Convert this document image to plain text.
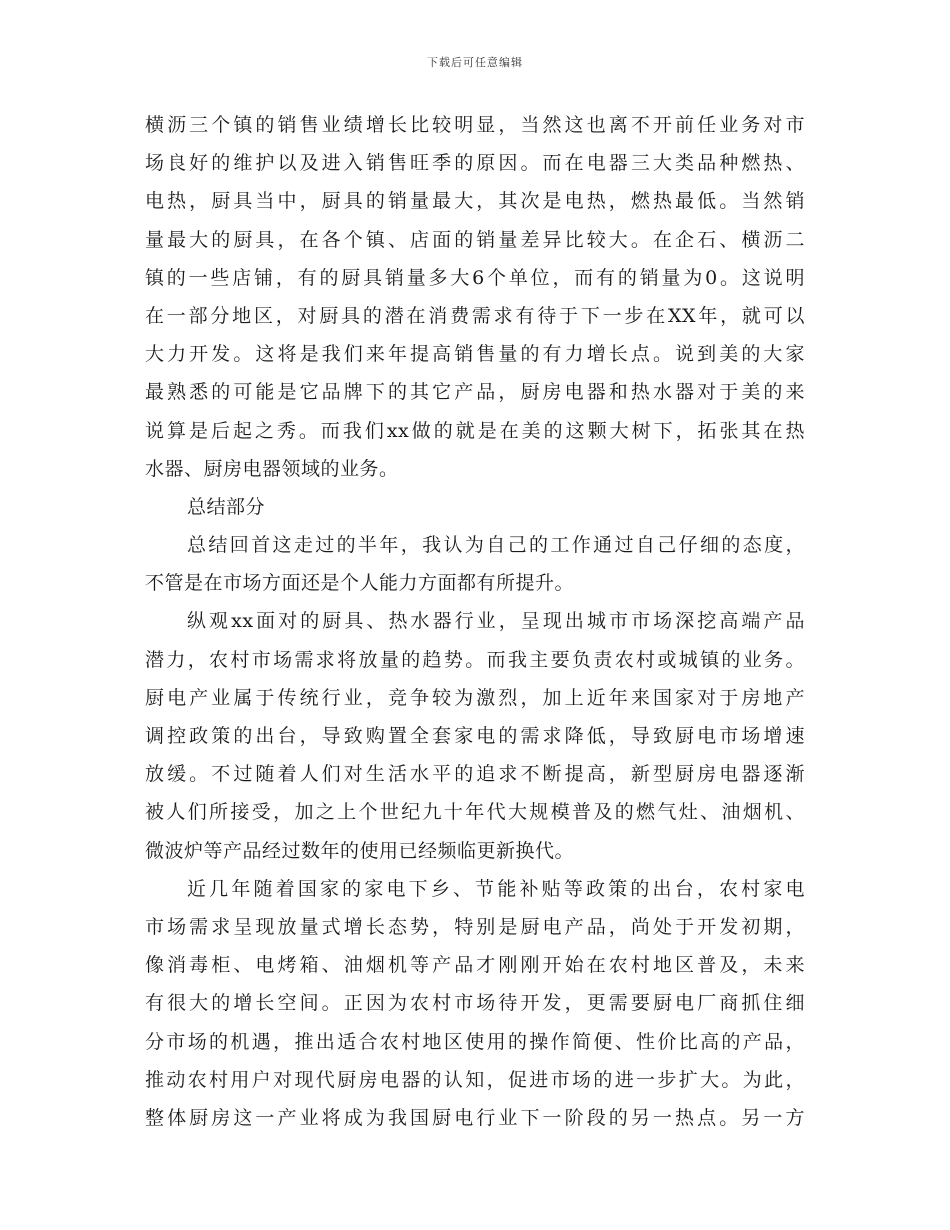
下载后可任意编辑
横沥三个镇的销售业绩增长比较明显，当然这也离不开前任业务对市
场良好的维护以及进入销售旺季的原因。而在电器三大类品种燃热、
电热，厨具当中，厨具的销量最大，其次是电热，燃热最低。当然销
量最大的厨具，在各个镇、店面的销量差异比较大。在企石、横沥二
镇的一些店铺，有的厨具销量多大6个单位，而有的销量为0。这说明
在一部分地区，对厨具的潜在消费需求有待于下一步在XX年，就可以
大力开发。这将是我们来年提高销售量的有力增长点。说到美的大家
最熟悉的可能是它品牌下的其它产品，厨房电器和热水器对于美的来
说算是后起之秀。而我们xx做的就是在美的这颗大树下，拓张其在热
水器、厨房电器领域的业务。
总结部分
总结回首这走过的半年，我认为自己的工作通过自己仔细的态度，
不管是在市场方面还是个人能力方面都有所提升。
纵观xx面对的厨具、热水器行业，呈现出城市市场深挖高端产品
潜力，农村市场需求将放量的趋势。而我主要负责农村或城镇的业务。
厨电产业属于传统行业，竞争较为激烈，加上近年来国家对于房地产
调控政策的出台，导致购置全套家电的需求降低，导致厨电市场增速
放缓。不过随着人们对生活水平的追求不断提高，新型厨房电器逐渐
被人们所接受，加之上个世纪九十年代大规模普及的燃气灶、油烟机、
微波炉等产品经过数年的使用已经频临更新换代。
近几年随着国家的家电下乡、节能补贴等政策的出台，农村家电
市场需求呈现放量式增长态势，特别是厨电产品，尚处于开发初期，
像消毒柜、电烤箱、油烟机等产品才刚刚开始在农村地区普及，未来
有很大的增长空间。正因为农村市场待开发，更需要厨电厂商抓住细
分市场的机遇，推出适合农村地区使用的操作简便、性价比高的产品，
推动农村用户对现代厨房电器的认知，促进市场的进一步扩大。为此，
整体厨房这一产业将成为我国厨电行业下一阶段的另一热点。另一方
